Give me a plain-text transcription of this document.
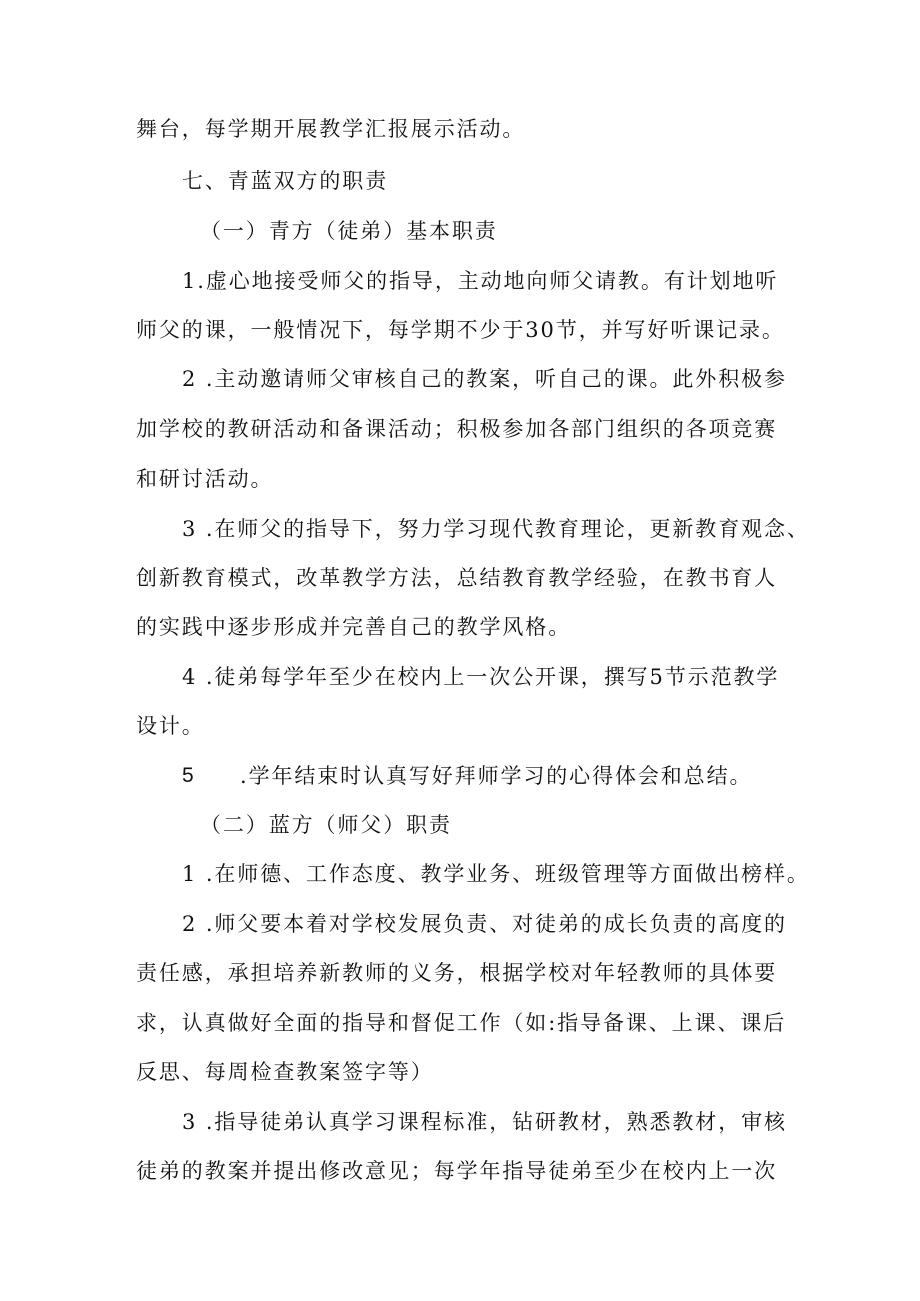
舞台，每学期开展教学汇报展示活动。
七、青蓝双方的职责
（一）青方（徒弟）基本职责
1.虚心地接受师父的指导，主动地向师父请教。有计划地听
师父的课，一般情况下，每学期不少于30节，并写好听课记录。
2 .主动邀请师父审核自己的教案，听自己的课。此外积极参
加学校的教研活动和备课活动；积极参加各部门组织的各项竞赛
和研讨活动。
3 .在师父的指导下，努力学习现代教育理论，更新教育观念、
创新教育模式，改革教学方法，总结教育教学经验，在教书育人
的实践中逐步形成并完善自己的教学风格。
4 .徒弟每学年至少在校内上一次公开课，撰写5节示范教学
设计。
5 .学年结束时认真写好拜师学习的心得体会和总结。
（二）蓝方（师父）职责
1 .在师德、工作态度、教学业务、班级管理等方面做出榜样。
2 .师父要本着对学校发展负责、对徒弟的成长负责的高度的
责任感，承担培养新教师的义务，根据学校对年轻教师的具体要
求，认真做好全面的指导和督促工作（如:指导备课、上课、课后
反思、每周检查教案签字等）
3 .指导徒弟认真学习课程标准，钻研教材，熟悉教材，审核
徒弟的教案并提出修改意见；每学年指导徒弟至少在校内上一次
